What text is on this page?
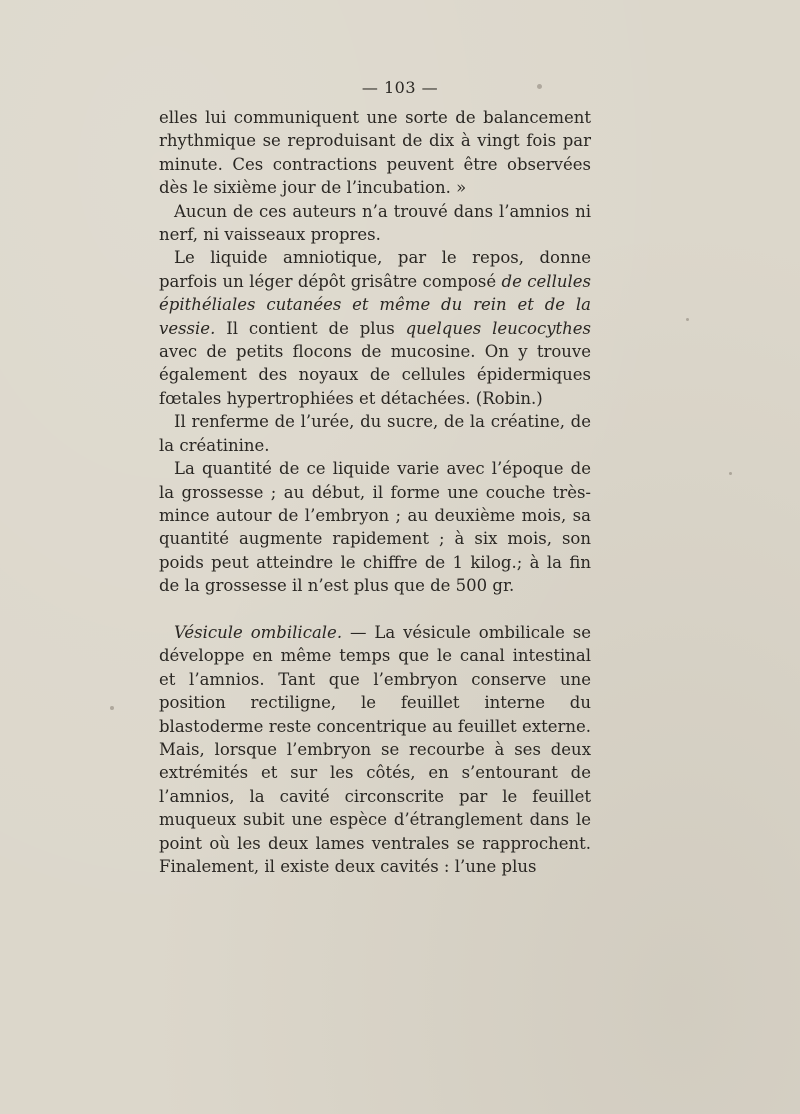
— 103 —

elles lui communiquent une sorte de balancement rhythmique se reproduisant de dix à vingt fois par minute. Ces contractions peuvent être observées dès le sixième jour de l’incubation. »

Aucun de ces auteurs n’a trouvé dans l’amnios ni nerf, ni vaisseaux propres.

Le liquide amniotique, par le repos, donne parfois un léger dépôt grisâtre composé de cellules épithéliales cutanées et même du rein et de la vessie. Il contient de plus quelques leucocythes avec de petits flocons de mucosine. On y trouve également des noyaux de cellules épidermiques fœtales hypertrophiées et détachées. (Robin.)

Il renferme de l’urée, du sucre, de la créatine, de la créatinine.

La quantité de ce liquide varie avec l’époque de la grossesse ; au début, il forme une couche très-mince autour de l’embryon ; au deuxième mois, sa quantité augmente rapidement ; à six mois, son poids peut atteindre le chiffre de 1 kilog.; à la fin de la grossesse il n’est plus que de 500 gr.

Vésicule ombilicale. — La vésicule ombilicale se développe en même temps que le canal intestinal et l’amnios. Tant que l’embryon conserve une position rectiligne, le feuillet interne du blastoderme reste concentrique au feuillet externe. Mais, lorsque l’embryon se recourbe à ses deux extrémités et sur les côtés, en s’entourant de l’amnios, la cavité circonscrite par le feuillet muqueux subit une espèce d’étranglement dans le point où les deux lames ventrales se rapprochent. Finalement, il existe deux cavités : l’une plus
